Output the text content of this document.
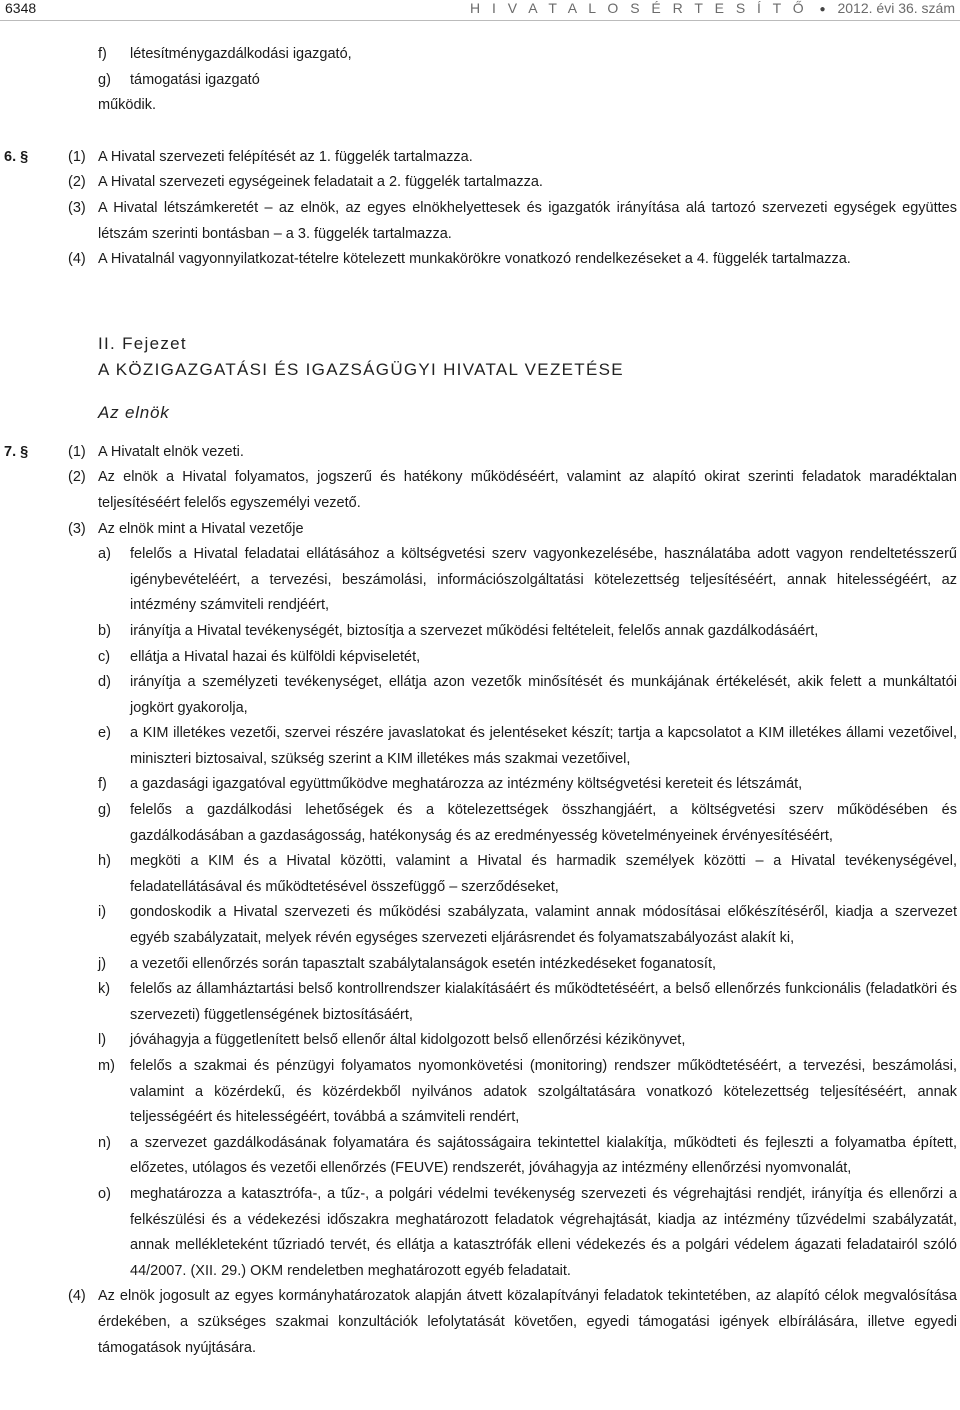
6348	H I V A T A L O S É R T E S Í T Ő ● 2012. évi 36. szám
f) létesítménygazdálkodási igazgató,

g) támogatási igazgató

működik.

6. §	(1) A Hivatal szervezeti felépítését az 1. függelék tartalmazza.

(2) A Hivatal szervezeti egységeinek feladatait a 2. függelék tartalmazza.

(3) A Hivatal létszámkeretét – az elnök, az egyes elnökhelyettesek és igazgatók irányítása alá tartozó szervezeti egységek együttes létszám szerinti bontásban – a 3. függelék tartalmazza.

(4) A Hivatalnál vagyonnyilatkozat-tételre kötelezett munkakörökre vonatkozó rendelkezéseket a 4. függelék tartalmazza.

II. Fejezet

A KÖZIGAZGATÁSI ÉS IGAZSÁGÜGYI HIVATAL VEZETÉSE

Az elnök

7. §	(1) A Hivatalt elnök vezeti.

(2) Az elnök a Hivatal folyamatos, jogszerű és hatékony működéséért, valamint az alapító okirat szerinti feladatok maradéktalan teljesítéséért felelős egyszemélyi vezető.

(3) Az elnök mint a Hivatal vezetője

a) felelős a Hivatal feladatai ellátásához a költségvetési szerv vagyonkezelésébe, használatába adott vagyon rendeltetésszerű igénybevételéért, a tervezési, beszámolási, információszolgáltatási kötelezettség teljesítéséért, annak hitelességéért, az intézmény számviteli rendjéért,

b) irányítja a Hivatal tevékenységét, biztosítja a szervezet működési feltételeit, felelős annak gazdálkodásáért,

c) ellátja a Hivatal hazai és külföldi képviseletét,

d) irányítja a személyzeti tevékenységet, ellátja azon vezetők minősítését és munkájának értékelését, akik felett a munkáltatói jogkört gyakorolja,

e) a KIM illetékes vezetői, szervei részére javaslatokat és jelentéseket készít; tartja a kapcsolatot a KIM illetékes állami vezetőivel, miniszteri biztosaival, szükség szerint a KIM illetékes más szakmai vezetőivel,

f) a gazdasági igazgatóval együttműködve meghatározza az intézmény költségvetési kereteit és létszámát,

g) felelős a gazdálkodási lehetőségek és a kötelezettségek összhangjáért, a költségvetési szerv működésében és gazdálkodásában a gazdaságosság, hatékonyság és az eredményesség követelményeinek érvényesítéséért,

h) megköti a KIM és a Hivatal közötti, valamint a Hivatal és harmadik személyek közötti – a Hivatal tevékenységével, feladatellátásával és működtetésével összefüggő – szerződéseket,

i) gondoskodik a Hivatal szervezeti és működési szabályzata, valamint annak módosításai előkészítéséről, kiadja a szervezet egyéb szabályzatait, melyek révén egységes szervezeti eljárásrendet és folyamatszabályozást alakít ki,

j) a vezetői ellenőrzés során tapasztalt szabálytalanságok esetén intézkedéseket foganatosít,

k) felelős az államháztartási belső kontrollrendszer kialakításáért és működtetéséért, a belső ellenőrzés funkcionális (feladatköri és szervezeti) függetlenségének biztosításáért,

l) jóváhagyja a függetlenített belső ellenőr által kidolgozott belső ellenőrzési kézikönyvet,

m) felelős a szakmai és pénzügyi folyamatos nyomonkövetési (monitoring) rendszer működtetéséért, a tervezési, beszámolási, valamint a közérdekű, és közérdekből nyilvános adatok szolgáltatására vonatkozó kötelezettség teljesítéséért, annak teljességéért és hitelességéért, továbbá a számviteli rendért,

n) a szervezet gazdálkodásának folyamatára és sajátosságaira tekintettel kialakítja, működteti és fejleszti a folyamatba épített, előzetes, utólagos és vezetői ellenőrzés (FEUVE) rendszerét, jóváhagyja az intézmény ellenőrzési nyomvonalát,

o) meghatározza a katasztrófa-, a tűz-, a polgári védelmi tevékenység szervezeti és végrehajtási rendjét, irányítja és ellenőrzi a felkészülési és a védekezési időszakra meghatározott feladatok végrehajtását, kiadja az intézmény tűzvédelmi szabályzatát, annak mellékleteként tűzriadó tervét, és ellátja a katasztrófák elleni védekezés és a polgári védelem ágazati feladatairól szóló 44/2007. (XII. 29.) OKM rendeletben meghatározott egyéb feladatait.

(4) Az elnök jogosult az egyes kormányhatározatok alapján átvett közalapítványi feladatok tekintetében, az alapító célok megvalósítása érdekében, a szükséges szakmai konzultációk lefolytatását követően, egyedi támogatási igények elbírálására, illetve egyedi támogatások nyújtására.
